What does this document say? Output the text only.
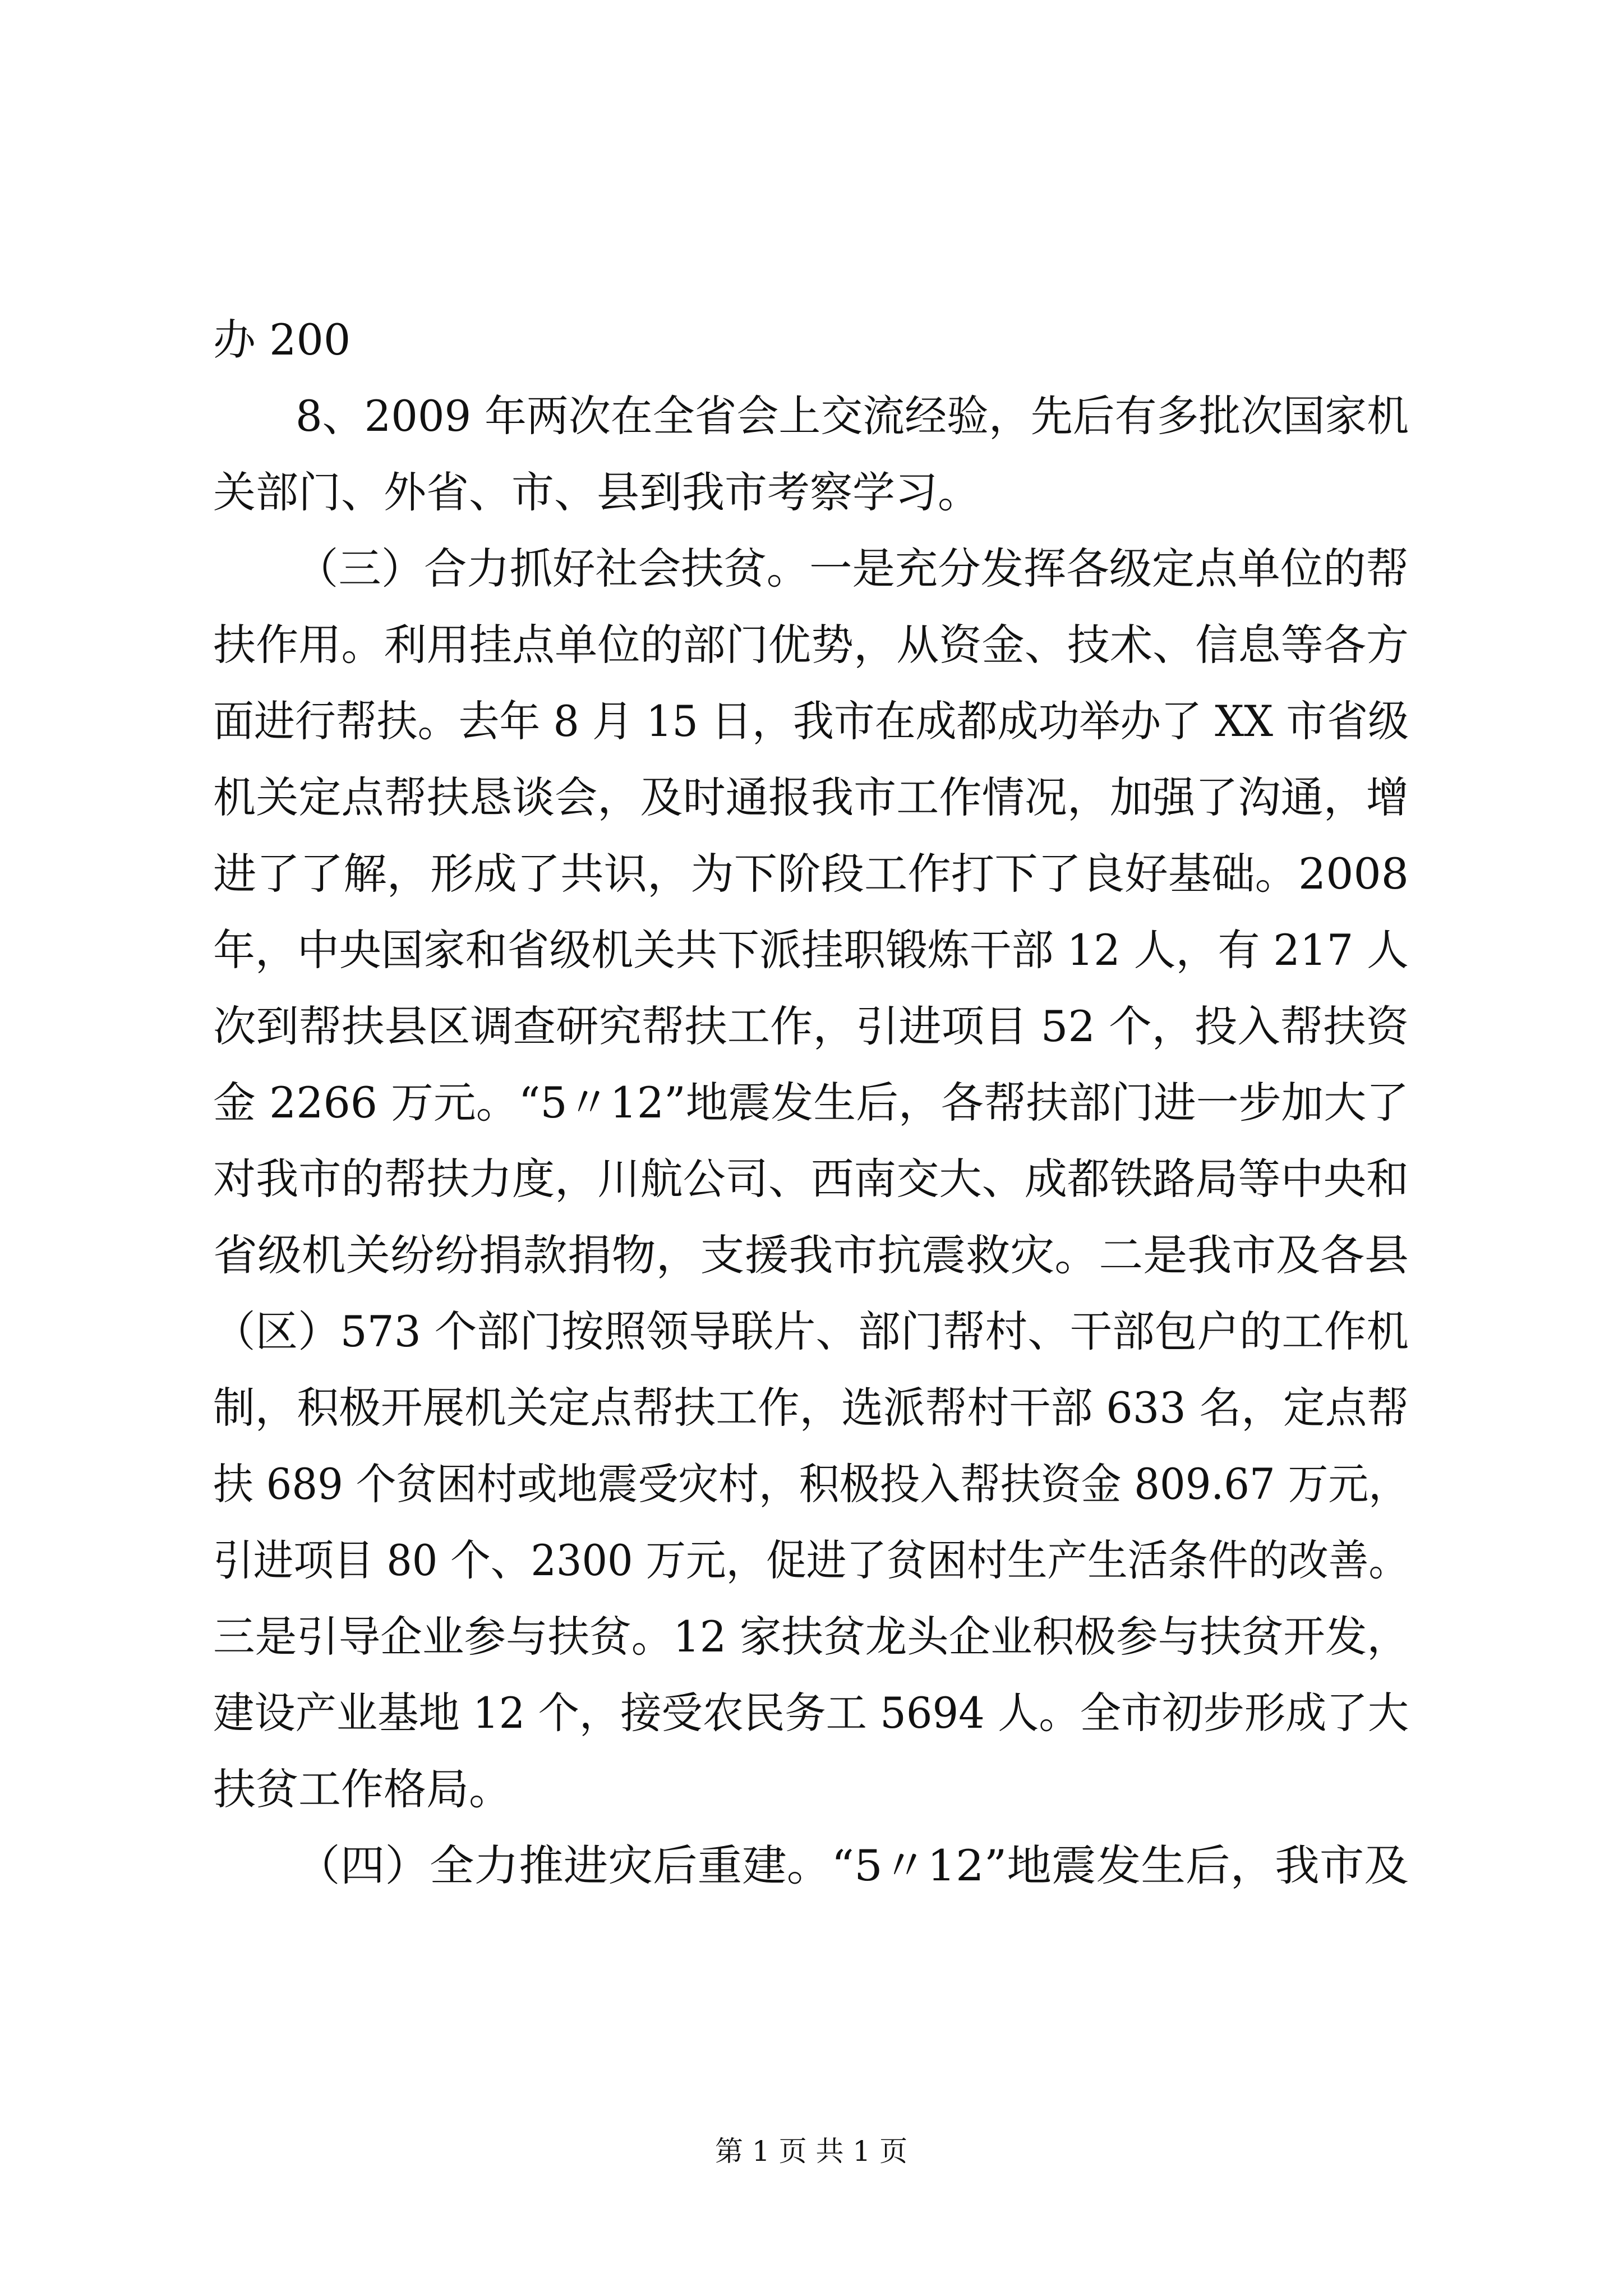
办 200

8、2009 年两次在全省会上交流经验，先后有多批次国家机

关部门、外省、市、县到我市考察学习。

（三）合力抓好社会扶贫。一是充分发挥各级定点单位的帮

扶作用。利用挂点单位的部门优势，从资金、技术、信息等各方

面进行帮扶。去年 8 月 15 日，我市在成都成功举办了 XX 市省级

机关定点帮扶恳谈会，及时通报我市工作情况，加强了沟通，增

进了了解，形成了共识，为下阶段工作打下了良好基础。2008

年，中央国家和省级机关共下派挂职锻炼干部 12 人，有 217 人

次到帮扶县区调查研究帮扶工作，引进项目 52 个，投入帮扶资

金 2266 万元。“5〃12”地震发生后，各帮扶部门进一步加大了

对我市的帮扶力度，川航公司、西南交大、成都铁路局等中央和

省级机关纷纷捐款捐物，支援我市抗震救灾。二是我市及各县

（区）573 个部门按照领导联片、部门帮村、干部包户的工作机

制，积极开展机关定点帮扶工作，选派帮村干部 633 名，定点帮

扶 689 个贫困村或地震受灾村，积极投入帮扶资金 809.67 万元，

引进项目 80 个、2300 万元，促进了贫困村生产生活条件的改善。

三是引导企业参与扶贫。12 家扶贫龙头企业积极参与扶贫开发，

建设产业基地 12 个，接受农民务工 5694 人。全市初步形成了大

扶贫工作格局。

（四）全力推进灾后重建。“5〃12”地震发生后，我市及

第 1 页 共 1 页
